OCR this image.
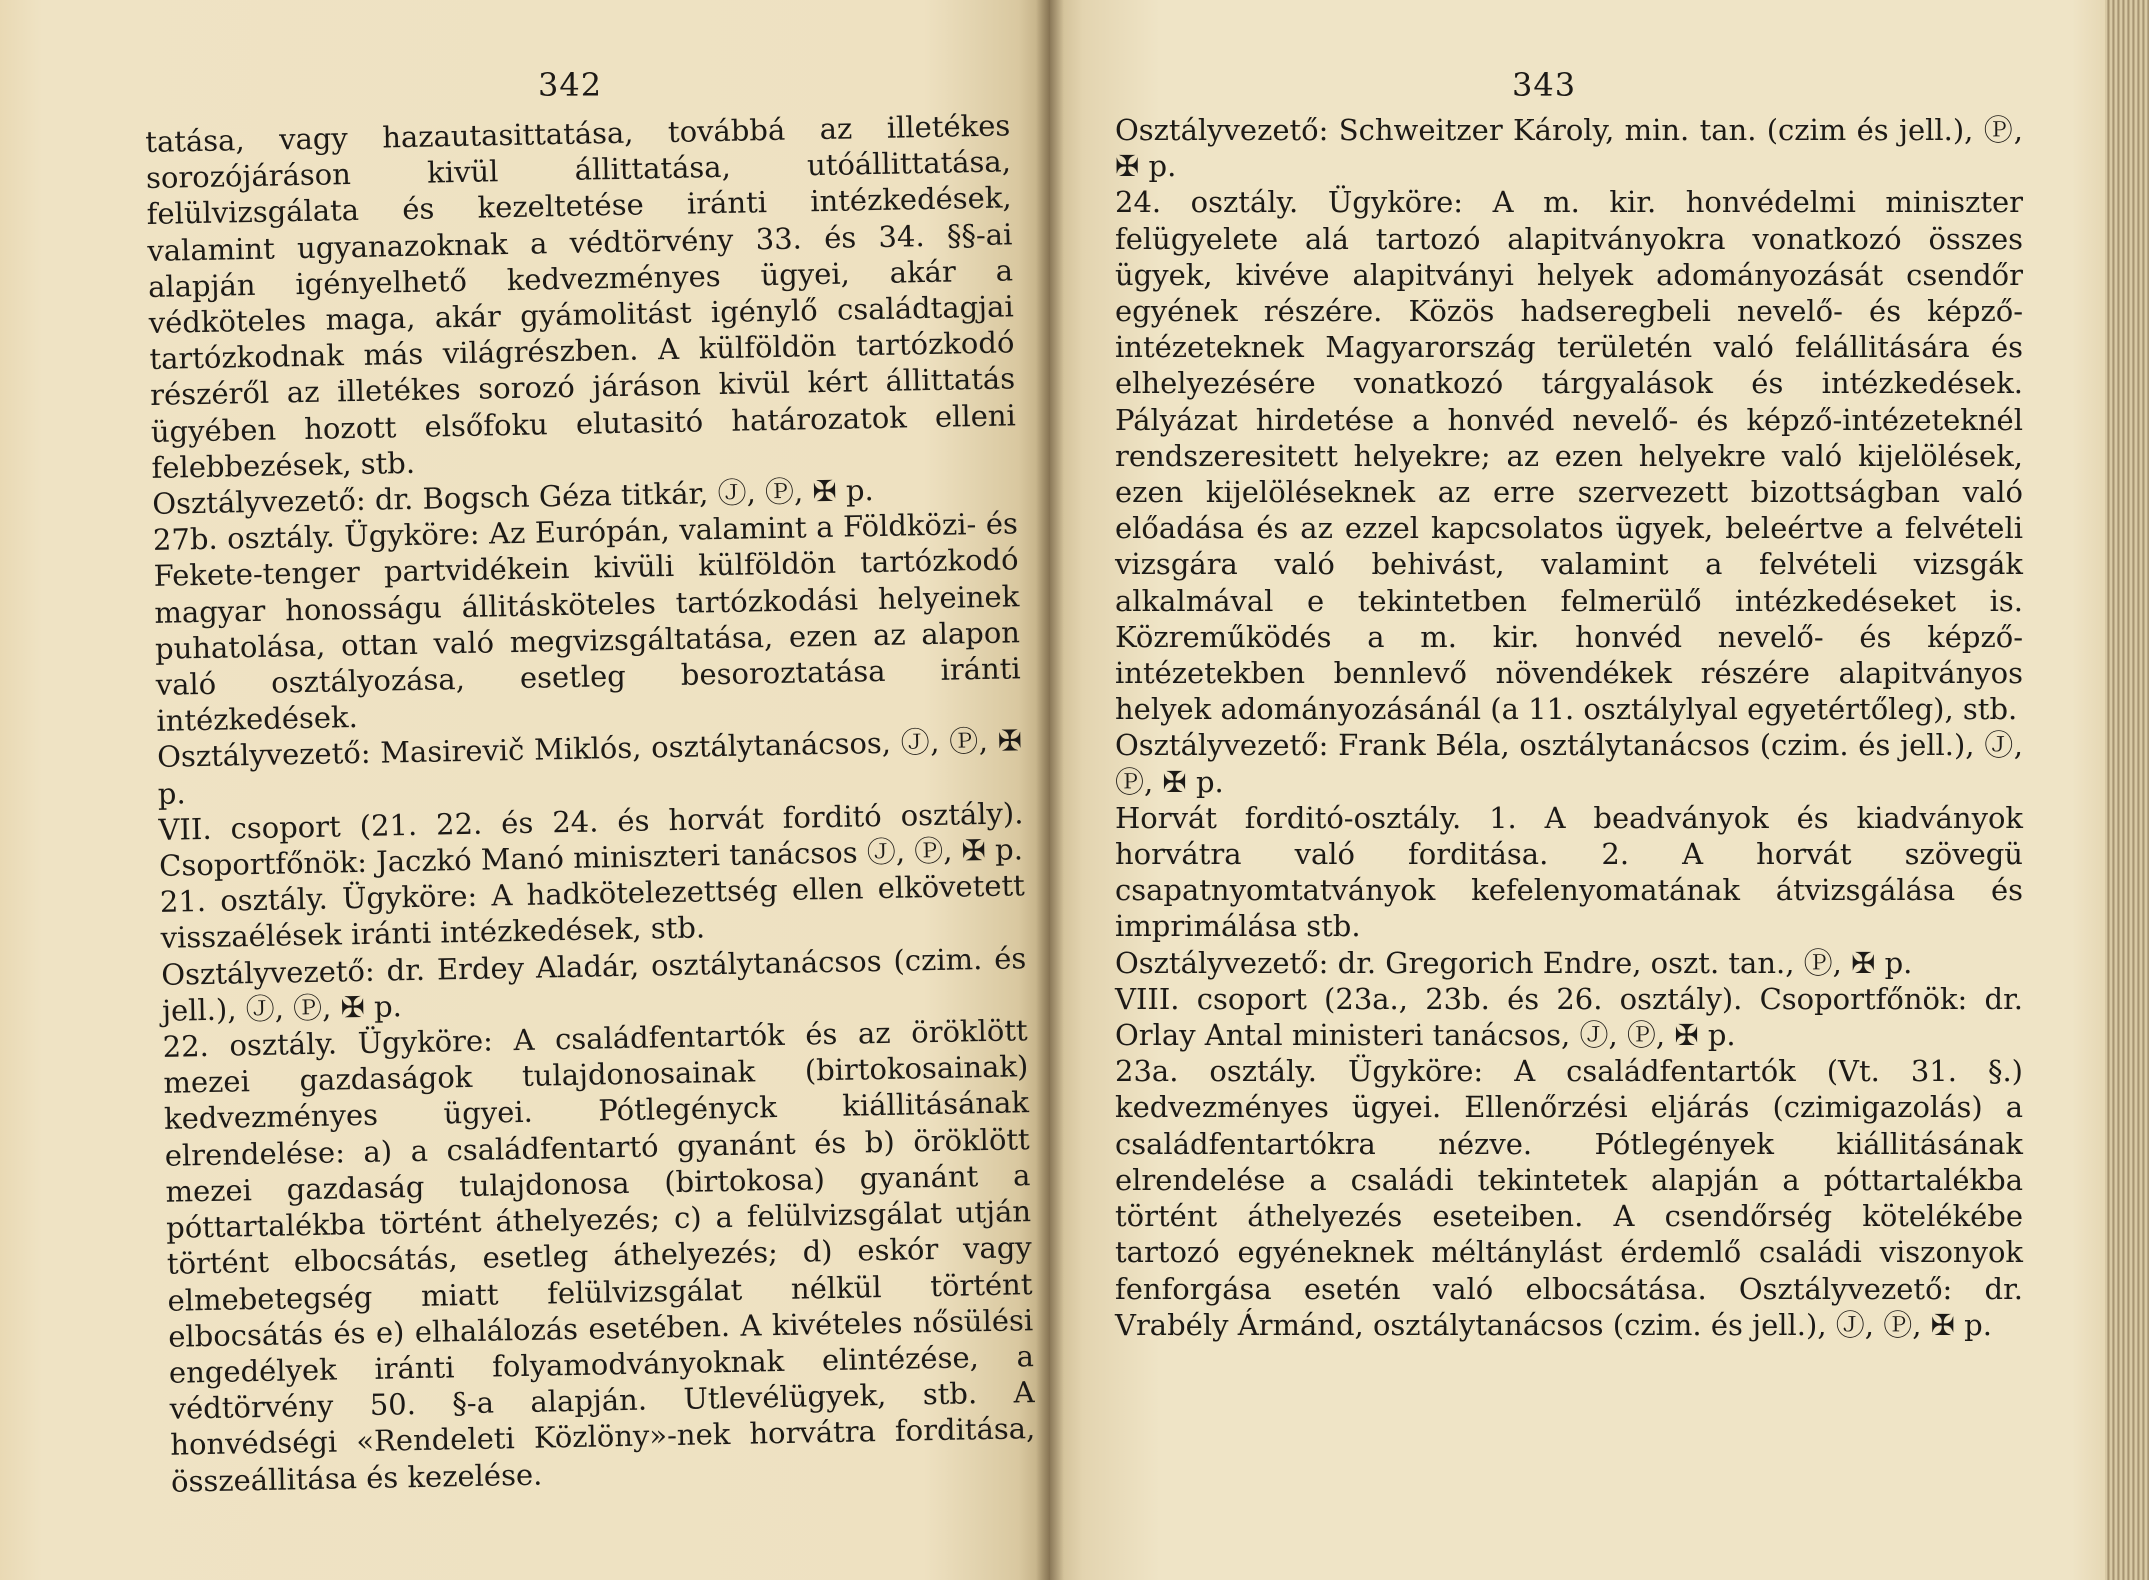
342
tatása, vagy hazautasittatása, továbbá az illetékes sorozójáráson kivül állittatása, utóállittatása, felülvizsgálata és kezeltetése iránti intézkedések, valamint ugyanazoknak a védtörvény 33. és 34. §§-ai alapján igényelhető kedvezményes ügyei, akár a védköteles maga, akár gyámolitást igénylő családtagjai tartózkodnak más világrészben. A külföldön tartózkodó részéről az illetékes sorozó járáson kivül kért állittatás ügyében hozott elsőfoku elutasitó határozatok elleni felebbezések, stb.
Osztályvezető: dr. Bogsch Géza titkár, Ⓙ, Ⓟ, ✠ p.
27b. osztály. Ügyköre: Az Európán, valamint a Földközi- és Fekete-tenger partvidékein kivüli külföldön tartózkodó magyar honosságu állitásköteles tartózkodási helyeinek puhatolása, ottan való megvizsgáltatása, ezen az alapon való osztályozása, esetleg besoroztatása iránti intézkedések.
Osztályvezető: Masirevič Miklós, osztálytanácsos, Ⓙ, Ⓟ, ✠ p.
VII. csoport (21. 22. és 24. és horvát forditó osztály). Csoportfőnök: Jaczkó Manó miniszteri tanácsos Ⓙ, Ⓟ, ✠ p.
21. osztály. Ügyköre: A hadkötelezettség ellen elkövetett visszaélések iránti intézkedések, stb.
Osztályvezető: dr. Erdey Aladár, osztálytanácsos (czim. és jell.), Ⓙ, Ⓟ, ✠ p.
22. osztály. Ügyköre: A családfentartók és az öröklött mezei gazdaságok tulajdonosainak (birtokosainak) kedvezményes ügyei. Pótlegényck kiállitásának elrendelése: a) a családfentartó gyanánt és b) öröklött mezei gazdaság tulajdonosa (birtokosa) gyanánt a póttartalékba történt áthelyezés; c) a felülvizsgálat utján történt elbocsátás, esetleg áthelyezés; d) eskór vagy elmebetegség miatt felülvizsgálat nélkül történt elbocsátás és e) elhalálozás esetében. A kivételes nősülési engedélyek iránti folyamodványoknak elintézése, a védtörvény 50. §-a alapján. Utlevélügyek, stb. A honvédségi «Rendeleti Közlöny»-nek horvátra forditása, összeállitása és kezelése.
343
Osztályvezető: Schweitzer Károly, min. tan. (czim és jell.), Ⓟ, ✠ p.
24. osztály. Ügyköre: A m. kir. honvédelmi miniszter felügyelete alá tartozó alapitványokra vonatkozó összes ügyek, kivéve alapitványi helyek adományozását csendőr egyének részére. Közös hadseregbeli nevelő- és képző-intézeteknek Magyarország területén való felállitására és elhelyezésére vonatkozó tárgyalások és intézkedések. Pályázat hirdetése a honvéd nevelő- és képző-intézeteknél rendszeresitett helyekre; az ezen helyekre való kijelölések, ezen kijelöléseknek az erre szervezett bizottságban való előadása és az ezzel kapcsolatos ügyek, beleértve a felvételi vizsgára való behivást, valamint a felvételi vizsgák alkalmával e tekintetben felmerülő intézkedéseket is. Közreműködés a m. kir. honvéd nevelő- és képző-intézetekben bennlevő növendékek részére alapitványos helyek adományozásánál (a 11. osztálylyal egyetértőleg), stb.
Osztályvezető: Frank Béla, osztálytanácsos (czim. és jell.), Ⓙ, Ⓟ, ✠ p.
Horvát forditó-osztály. 1. A beadványok és kiadványok horvátra való forditása. 2. A horvát szövegü csapatnyomtatványok kefelenyomatának átvizsgálása és imprimálása stb.
Osztályvezető: dr. Gregorich Endre, oszt. tan., Ⓟ, ✠ p.
VIII. csoport (23a., 23b. és 26. osztály). Csoportfőnök: dr. Orlay Antal ministeri tanácsos, Ⓙ, Ⓟ, ✠ p.
23a. osztály. Ügyköre: A családfentartók (Vt. 31. §.) kedvezményes ügyei. Ellenőrzési eljárás (czimigazolás) a családfentartókra nézve. Pótlegények kiállitásának elrendelése a családi tekintetek alapján a póttartalékba történt áthelyezés eseteiben. A csendőrség kötelékébe tartozó egyéneknek méltánylást érdemlő családi viszonyok fenforgása esetén való elbocsátása. Osztályvezető: dr. Vrabély Ármánd, osztálytanácsos (czim. és jell.), Ⓙ, Ⓟ, ✠ p.
